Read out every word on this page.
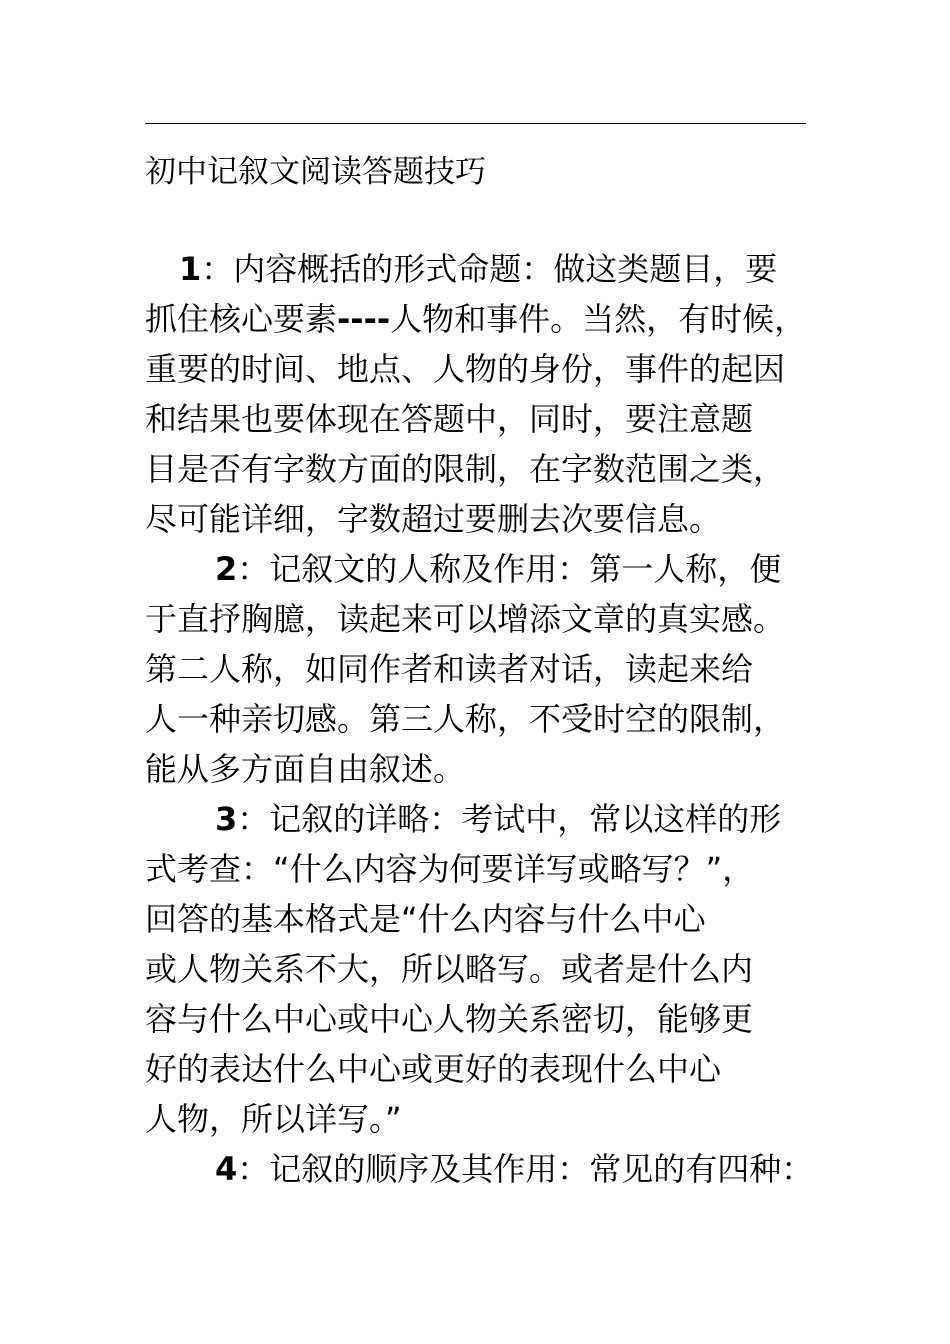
初中记叙文阅读答题技巧
1：内容概括的形式命题：做这类题目，要
抓住核心要素----人物和事件。当然，有时候，
重要的时间、地点、人物的身份，事件的起因
和结果也要体现在答题中，同时，要注意题
目是否有字数方面的限制，在字数范围之类，
尽可能详细，字数超过要删去次要信息。
2：记叙文的人称及作用：第一人称，便
于直抒胸臆，读起来可以增添文章的真实感。
第二人称，如同作者和读者对话，读起来给
人一种亲切感。第三人称，不受时空的限制，
能从多方面自由叙述。
3：记叙的详略：考试中，常以这样的形
式考查：“什么内容为何要详写或略写？”，
回答的基本格式是“什么内容与什么中心
或人物关系不大，所以略写。或者是什么内
容与什么中心或中心人物关系密切，能够更
好的表达什么中心或更好的表现什么中心
人物，所以详写。”
4：记叙的顺序及其作用：常见的有四种：
